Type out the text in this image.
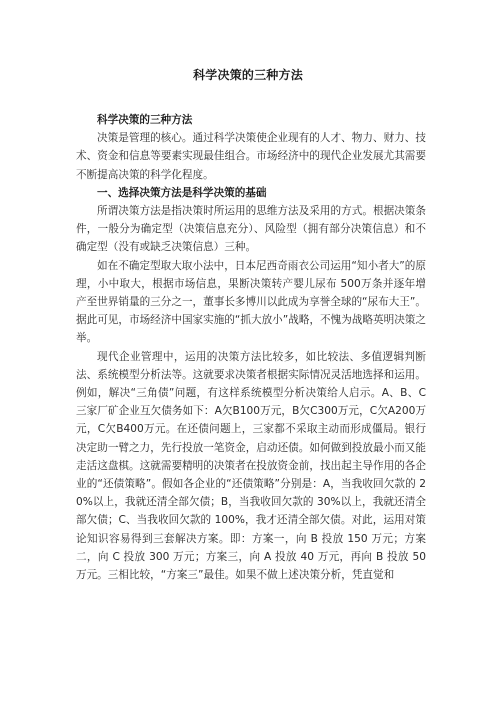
科学决策的三种方法

科学决策的三种方法

决策是管理的核心。通过科学决策使企业现有的人才、物力、财力、技术、资金和信息等要素实现最佳组合。市场经济中的现代企业发展尤其需要不断提高决策的科学化程度。

一、选择决策方法是科学决策的基础

所谓决策方法是指决策时所运用的思维方法及采用的方式。根据决策条件，一般分为确定型（决策信息充分）、风险型（拥有部分决策信息）和不确定型（没有或缺乏决策信息）三种。

如在不确定型取大取小法中，日本尼西奇雨衣公司运用“知小者大”的原理，小中取大，根据市场信息，果断决策转产婴儿尿布 500万条并逐年增产至世界销量的三分之一，董事长多博川以此成为享誉全球的“尿布大王”。据此可见，市场经济中国家实施的“抓大放小”战略，不愧为战略英明决策之举。

现代企业管理中，运用的决策方法比较多，如比较法、多值逻辑判断法、系统模型分析法等。这就要求决策者根据实际情况灵活地选择和运用。例如，解决“三角债”问题，有这样系统模型分析决策给人启示。A、B、C三家厂矿企业互欠债务如下：A欠B100万元，B欠C300万元，C欠A200万元，C欠B400万元。在还债问题上，三家都不采取主动而形成僵局。银行决定助一臂之力，先行投放一笔资金，启动还债。如何做到投放最小而又能走活这盘棋。这就需要精明的决策者在投放资金前，找出起主导作用的各企业的“还债策略”。假如各企业的“还债策略”分别是：A，当我收回欠款的 20%以上，我就还清全部欠债；B，当我收回欠款的 30%以上，我就还清全部欠债；C、当我收回欠款的 100%，我才还清全部欠债。对此，运用对策论知识容易得到三套解决方案。即：方案一，向 B 投放 150 万元；方案二，向 C 投放 300 万元；方案三，向 A 投放 40 万元，再向 B 投放 50 万元。三相比较，“方案三”最佳。如果不做上述决策分析，凭直觉和
